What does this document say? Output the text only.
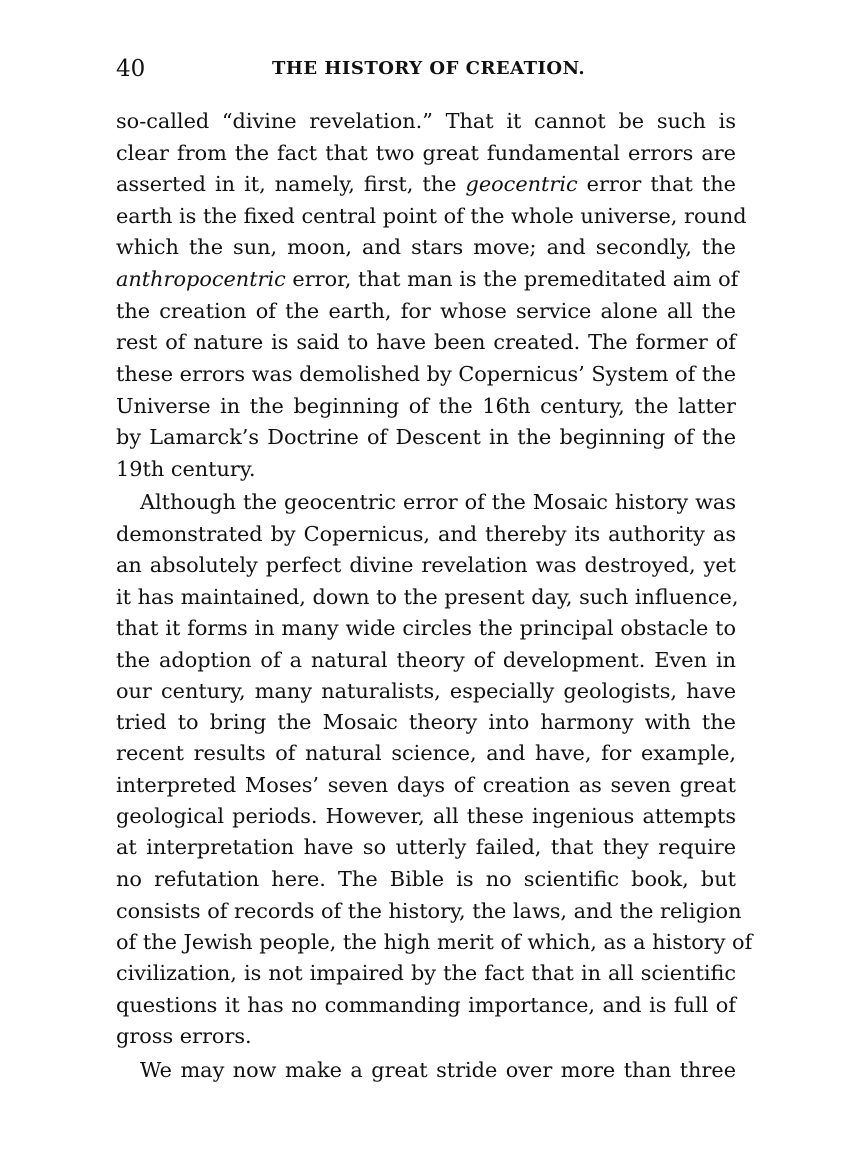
40	THE HISTORY OF CREATION.
so-called “divine revelation.” That it cannot be such is
clear from the fact that two great fundamental errors are
asserted in it, namely, first, the geocentric error that the
earth is the fixed central point of the whole universe, round
which the sun, moon, and stars move; and secondly, the
anthropocentric error, that man is the premeditated aim of
the creation of the earth, for whose service alone all the
rest of nature is said to have been created. The former of
these errors was demolished by Copernicus’ System of the
Universe in the beginning of the 16th century, the latter
by Lamarck’s Doctrine of Descent in the beginning of the
19th century.
Although the geocentric error of the Mosaic history was
demonstrated by Copernicus, and thereby its authority as
an absolutely perfect divine revelation was destroyed, yet
it has maintained, down to the present day, such influence,
that it forms in many wide circles the principal obstacle to
the adoption of a natural theory of development. Even in
our century, many naturalists, especially geologists, have
tried to bring the Mosaic theory into harmony with the
recent results of natural science, and have, for example,
interpreted Moses’ seven days of creation as seven great
geological periods. However, all these ingenious attempts
at interpretation have so utterly failed, that they require
no refutation here. The Bible is no scientific book, but
consists of records of the history, the laws, and the religion
of the Jewish people, the high merit of which, as a history of
civilization, is not impaired by the fact that in all scientific
questions it has no commanding importance, and is full of
gross errors.
We may now make a great stride over more than three
